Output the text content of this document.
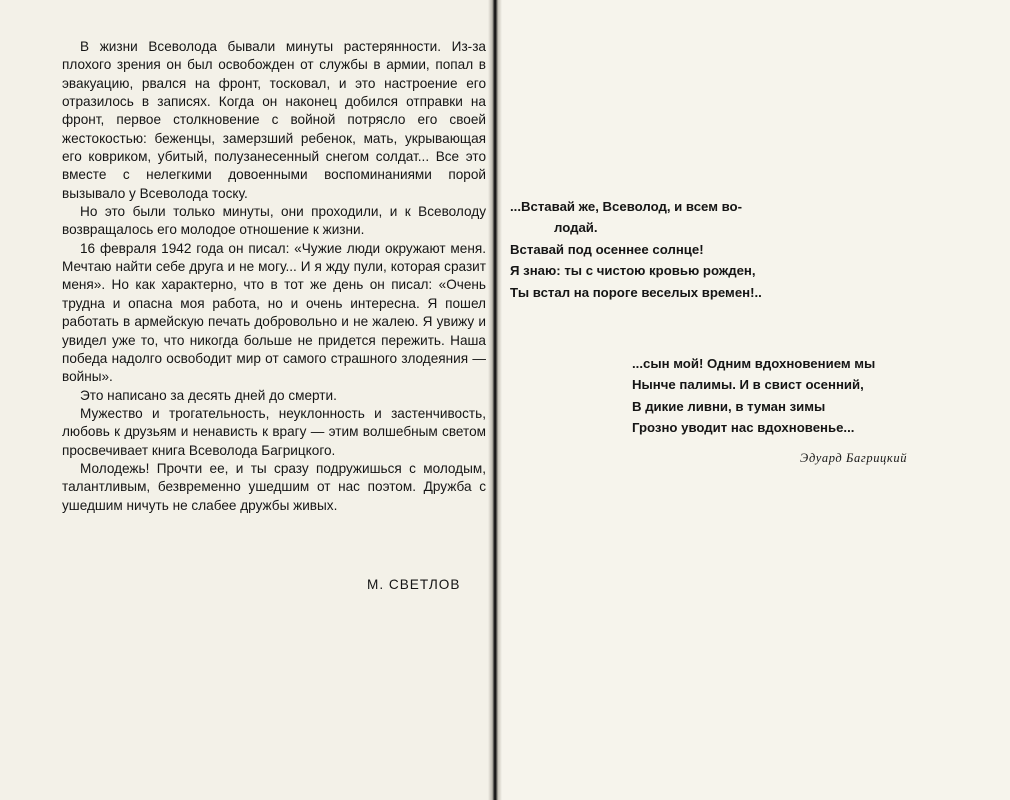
В жизни Всеволода бывали минуты растерянности. Из-за плохого зрения он был освобожден от службы в армии, попал в эвакуацию, рвался на фронт, тосковал, и это настроение его отразилось в записях. Когда он наконец добился отправки на фронт, первое столкновение с войной потрясло его своей жестокостью: беженцы, замерзший ребенок, мать, укрывающая его ковриком, убитый, полузанесенный снегом солдат... Все это вместе с нелегкими довоенными воспоминаниями порой вызывало у Всеволода тоску.

Но это были только минуты, они проходили, и к Всеволоду возвращалось его молодое отношение к жизни.

16 февраля 1942 года он писал: «Чужие люди окружают меня. Мечтаю найти себе друга и не могу... И я жду пули, которая сразит меня». Но как характерно, что в тот же день он писал: «Очень трудна и опасна моя работа, но и очень интересна. Я пошел работать в армейскую печать добровольно и не жалею. Я увижу и увидел уже то, что никогда больше не придется пережить. Наша победа надолго освободит мир от самого страшного злодеяния — войны».

Это написано за десять дней до смерти.

Мужество и трогательность, неуклонность и застенчивость, любовь к друзьям и ненависть к врагу — этим волшебным светом просвечивает книга Всеволода Багрицкого.

Молодежь! Прочти ее, и ты сразу подружишься с молодым, талантливым, безвременно ушедшим от нас поэтом. Дружба с ушедшим ничуть не слабее дружбы живых.

М. СВЕТЛОВ
...Вставай же, Всеволод, и всем во-
лодай.
Вставай под осеннее солнце!
Я знаю: ты с чистою кровью рожден,
Ты встал на пороге веселых времен!..
...сын мой! Одним вдохновением мы
Нынче палимы. И в свист осенний,
В дикие ливни, в туман зимы
Грозно уводит нас вдохновенье...
Эдуард Багрицкий
